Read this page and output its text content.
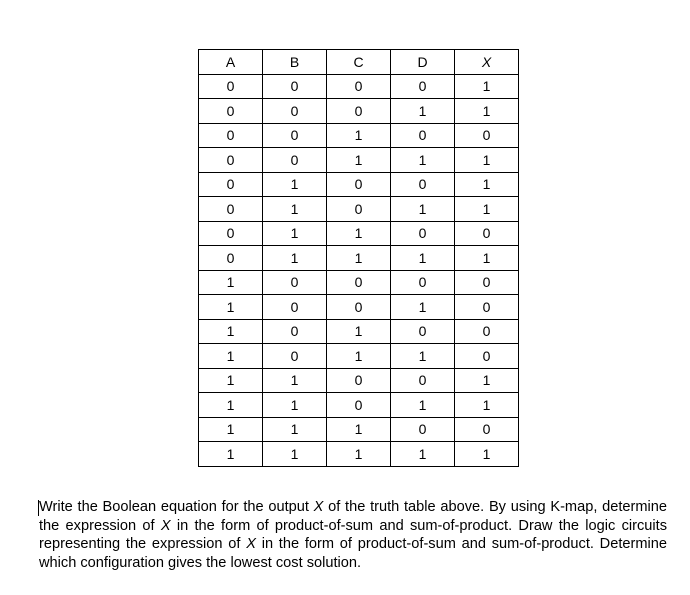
A	B	C	D	X
0	0	0	0	1
0	0	0	1	1
0	0	1	0	0
0	0	1	1	1
0	1	0	0	1
0	1	0	1	1
0	1	1	0	0
0	1	1	1	1
1	0	0	0	0
1	0	0	1	0
1	0	1	0	0
1	0	1	1	0
1	1	0	0	1
1	1	0	1	1
1	1	1	0	0
1	1	1	1	1

Write the Boolean equation for the output X of the truth table above. By using K-map, determine the expression of X in the form of product-of-sum and sum-of-product. Draw the logic circuits representing the expression of X in the form of product-of-sum and sum-of-product. Determine which configuration gives the lowest cost solution.
